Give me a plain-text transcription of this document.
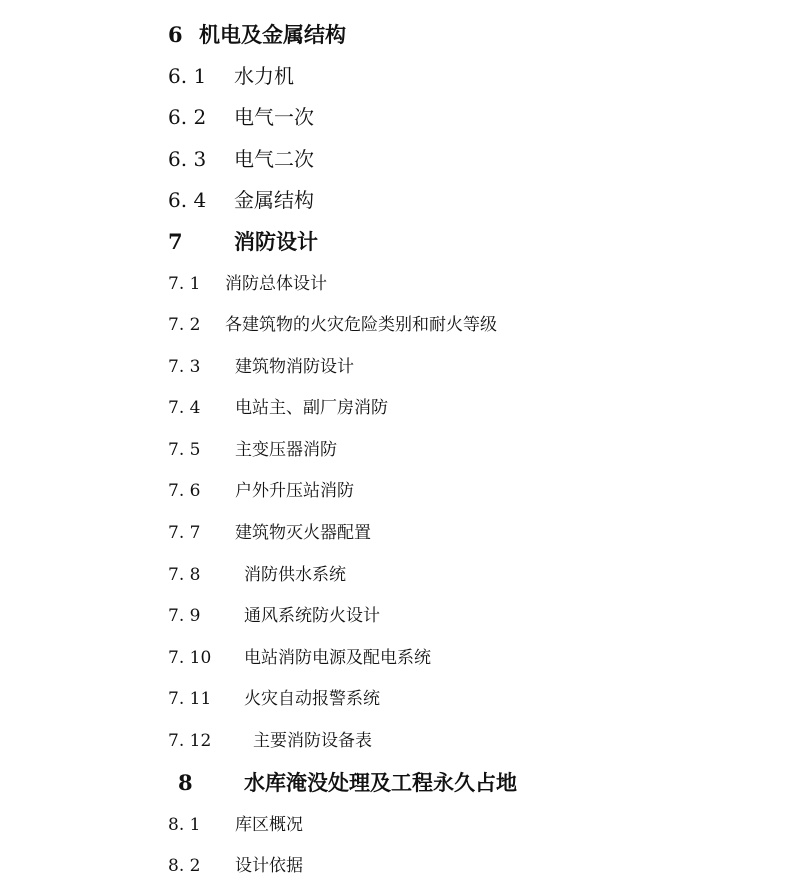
6 机电及金属结构
6. 1 水力机
6. 2 电气一次
6. 3 电气二次
6. 4 金属结构
7 消防设计
7. 1 消防总体设计
7. 2 各建筑物的火灾危险类别和耐火等级
7. 3 建筑物消防设计
7. 4 电站主、副厂房消防
7. 5 主变压器消防
7. 6 户外升压站消防
7. 7 建筑物灭火器配置
7. 8	消防供水系统
7. 9	通风系统防火设计
7. 10 电站消防电源及配电系统
7. 11 火灾自动报警系统
7. 12 主要消防设备表
8 水库淹没处理及工程永久占地
8. 1 库区概况
8. 2 设计依据
